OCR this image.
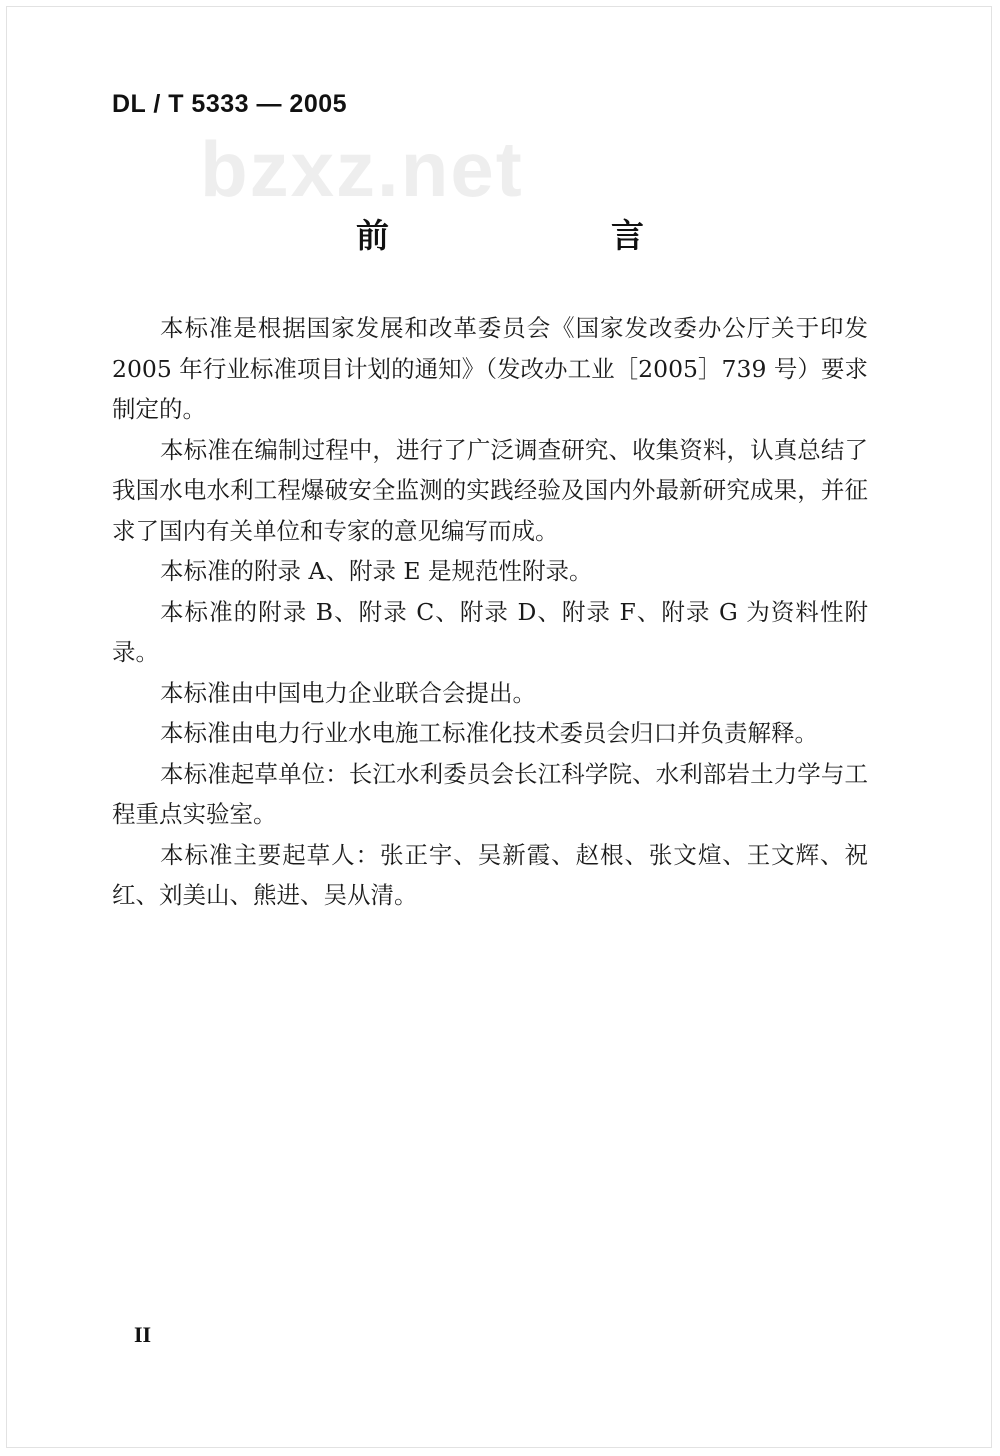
DL / T 5333 — 2005
bzxz.net
前　　言

本标准是根据国家发展和改革委员会《国家发改委办公厅关于印发 2005 年行业标准项目计划的通知》（发改办工业［2005］739 号）要求制定的。

本标准在编制过程中，进行了广泛调查研究、收集资料，认真总结了我国水电水利工程爆破安全监测的实践经验及国内外最新研究成果，并征求了国内有关单位和专家的意见编写而成。

本标准的附录 A、附录 E 是规范性附录。

本标准的附录 B、附录 C、附录 D、附录 F、附录 G 为资料性附录。

本标准由中国电力企业联合会提出。

本标准由电力行业水电施工标准化技术委员会归口并负责解释。

本标准起草单位：长江水利委员会长江科学院、水利部岩土力学与工程重点实验室。

本标准主要起草人：张正宇、吴新霞、赵根、张文煊、王文辉、祝红、刘美山、熊进、吴从清。

II
